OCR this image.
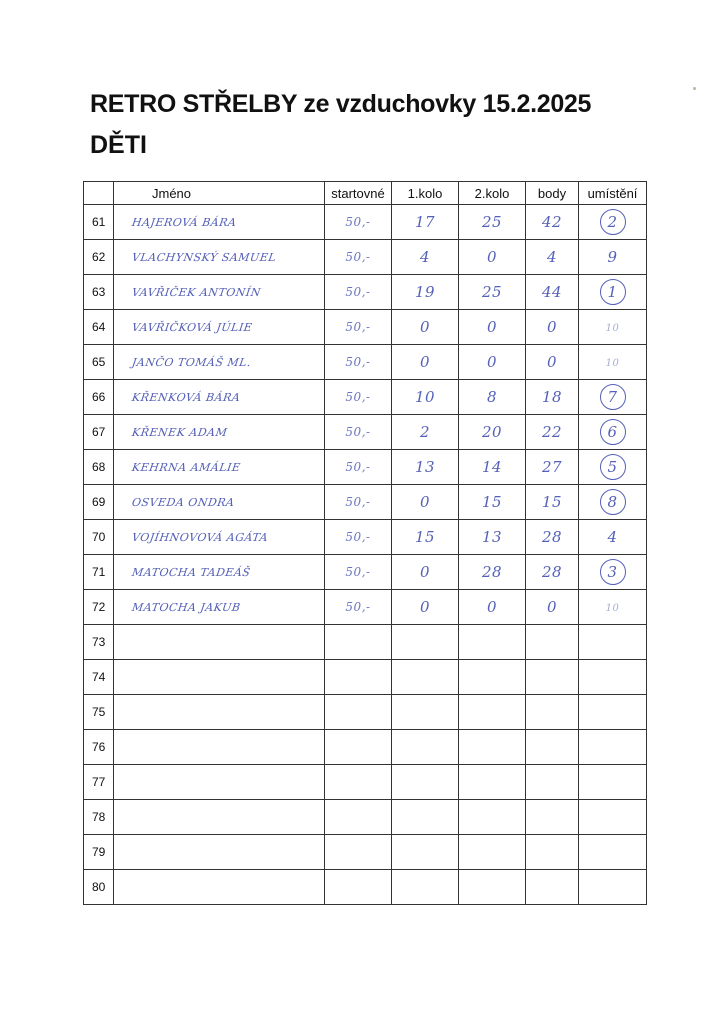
RETRO STŘELBY ze vzduchovky 15.2.2025
DĚTI
	Jméno	startovné	1.kolo	2.kolo	body	umístění
61	HAJEROVÁ BÁRA	50,-	17	25	42	2
62	VLACHYNSKÝ SAMUEL	50,-	4	0	4	9
63	VAVŘIČEK ANTONÍN	50,-	19	25	44	1
64	VAVŘIČKOVÁ JÚLIE	50,-	0	0	0	10
65	JANČO TOMÁŠ ML.	50,-	0	0	0	10
66	KŘENKOVÁ BÁRA	50,-	10	8	18	7
67	KŘENEK ADAM	50,-	2	20	22	6
68	KEHRNA AMÁLIE	50,-	13	14	27	5
69	OSVEDA ONDRA	50,-	0	15	15	8
70	VOJÍHNOVOVÁ AGÁTA	50,-	15	13	28	4
71	MATOCHA TADEÁŠ	50,-	0	28	28	3
72	MATOCHA JAKUB	50,-	0	0	0	10
73						
74						
75						
76						
77						
78						
79						
80						
